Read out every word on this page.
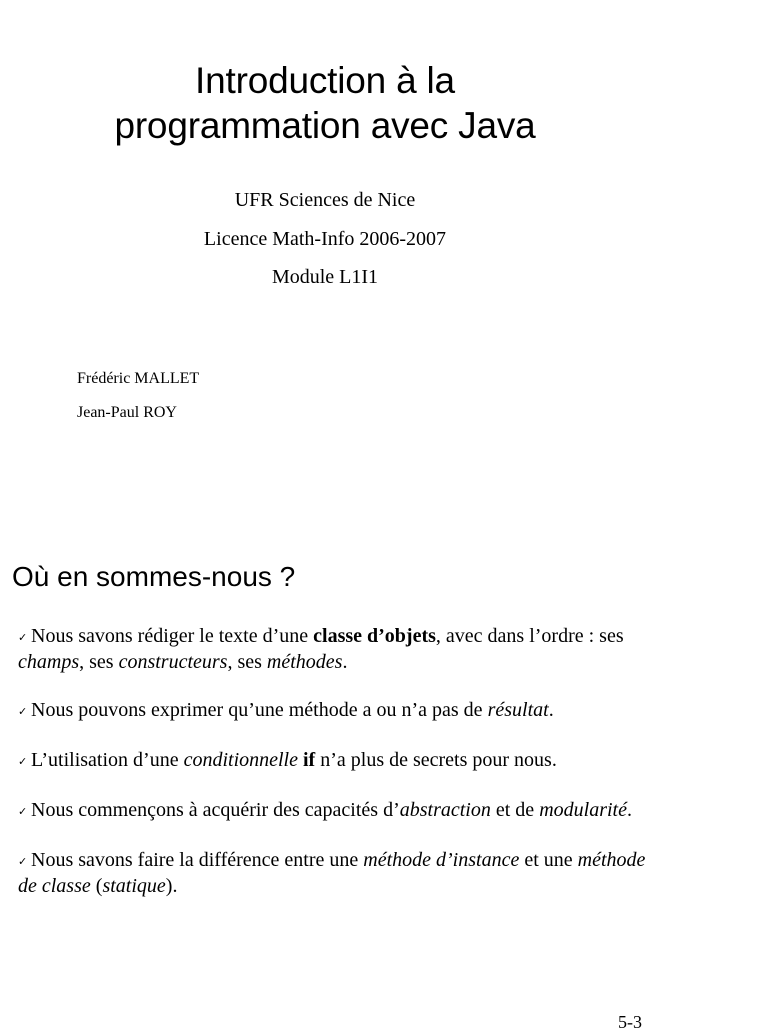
Introduction à la
programmation avec Java
UFR Sciences de Nice
Licence Math-Info 2006-2007
Module L1I1
Frédéric MALLET
Jean-Paul ROY
Où en sommes-nous ?
✓ Nous savons rédiger le texte d’une classe d’objets, avec dans l’ordre : ses champs, ses constructeurs, ses méthodes.
✓ Nous pouvons exprimer qu’une méthode a ou n’a pas de résultat.
✓ L’utilisation d’une conditionnelle if n’a plus de secrets pour nous.
✓ Nous commençons à acquérir des capacités d’abstraction et de modularité.
✓ Nous savons faire la différence entre une méthode d’instance et une méthode de classe (statique).
5-3
